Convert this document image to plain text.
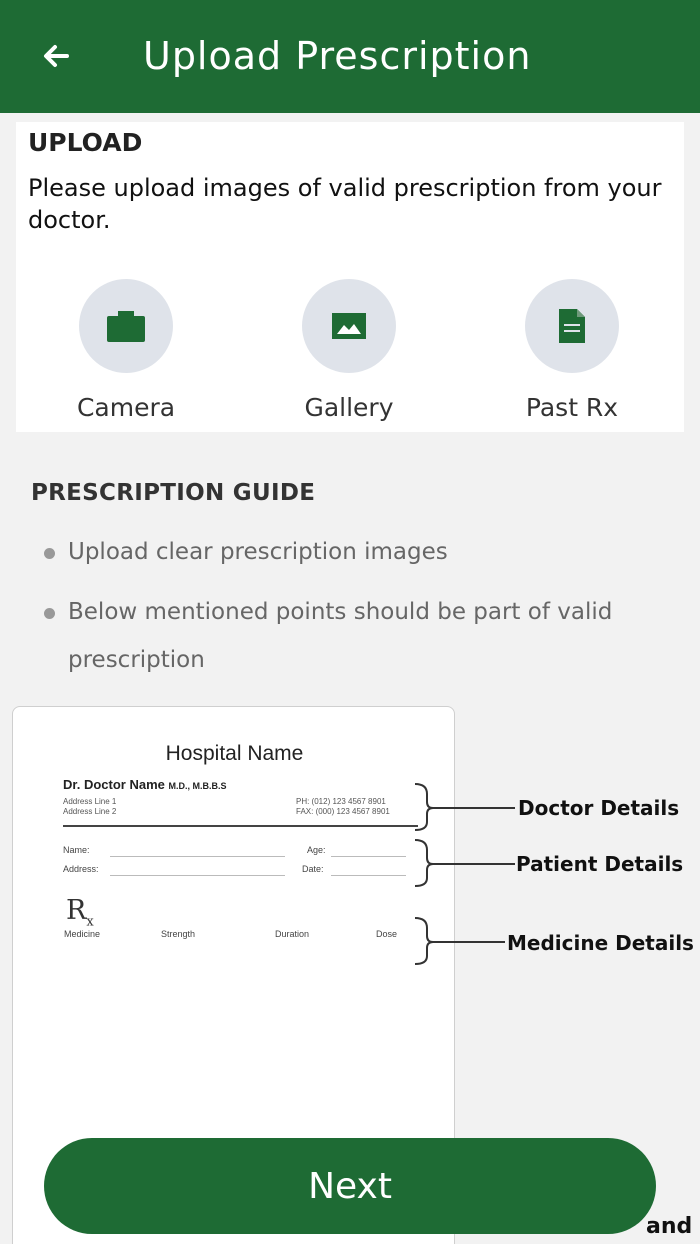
Upload Prescription
UPLOAD
Please upload images of valid prescription from your doctor.
Camera	Gallery	Past Rx
PRESCRIPTION GUIDE
Upload clear prescription images
Below mentioned points should be part of valid prescription
Hospital Name
Dr. Doctor Name M.D., M.B.B.S
Address Line 1
Address Line 2
PH: (012) 123 4567 8901
FAX: (000) 123 4567 8901
Name:	Age:
Address:	Date:
$R_x$
Medicine	Strength	Duration	Dose
Doctor Details
Patient Details
Medicine Details
and
Next
